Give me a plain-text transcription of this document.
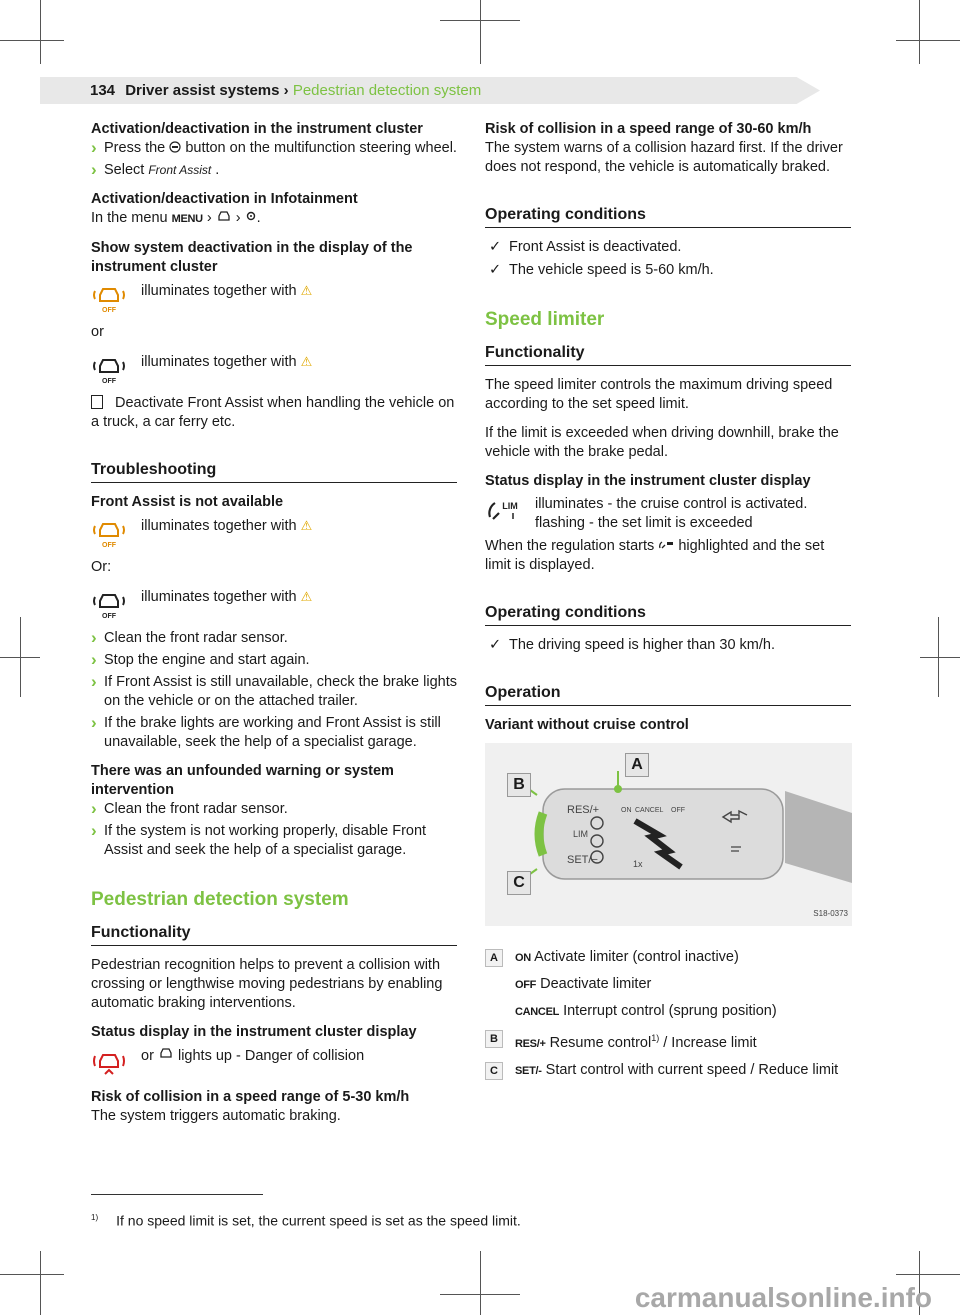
134 Driver assist systems › Pedestrian detection system
Activation/deactivation in the instrument cluster
› Press the button on the multifunction steering wheel.
› Select Front Assist .
Activation/deactivation in Infotainment

In the menu MENU › › .

Show system deactivation in the display of the instrument cluster
OFF
illuminates together with ⚠

or

OFF
illuminates together with ⚠

Deactivate Front Assist when handling the vehicle on a truck, a car ferry etc.

Troubleshooting
Front Assist is not available
OFF
illuminates together with ⚠

Or:

OFF
illuminates together with ⚠
› Clean the front radar sensor.
› Stop the engine and start again.
› If Front Assist is still unavailable, check the brake lights on the vehicle or on the attached trailer.
› If the brake lights are working and Front Assist is still unavailable, seek the help of a specialist garage.
There was an unfounded warning or system intervention
› Clean the front radar sensor.
› If the system is not working properly, disable Front Assist and seek the help of a specialist garage.
Pedestrian detection system
Functionality

Pedestrian recognition helps to prevent a collision with crossing or lengthwise moving pedestrians by enabling automatic braking interventions.

Status display in the instrument cluster display
or lights up - Danger of collision
Risk of collision in a speed range of 5-30 km/h
The system triggers automatic braking.
Risk of collision in a speed range of 30-60 km/h
The system warns of a collision hazard first. If the driver does not respond, the vehicle is automatically braked.
Operating conditions
✓ Front Assist is deactivated.
✓ The vehicle speed is 5-60 km/h.
Speed limiter
Functionality

The speed limiter controls the maximum driving speed according to the set speed limit.

If the limit is exceeded when driving downhill, brake the vehicle with the brake pedal.

Status display in the instrument cluster display
LIM illuminates - the cruise control is activated.
flashing - the set limit is exceeded

When the regulation starts highlighted and the set limit is displayed.

Operating conditions
✓ The driving speed is higher than 30 km/h.
Operation
Variant without cruise control
A
B
C
RES/+
LIM
SET/−
ON CANCEL OFF
1x
S18-0373
A	ON Activate limiter (control inactive)
OFF Deactivate limiter
CANCEL Interrupt control (sprung position)
B	RES/+ Resume control$^{1)}$ / Increase limit
C	SET/- Start control with current speed / Reduce limit
$^{1)}$ If no speed limit is set, the current speed is set as the speed limit.
carmanualsonline.info
